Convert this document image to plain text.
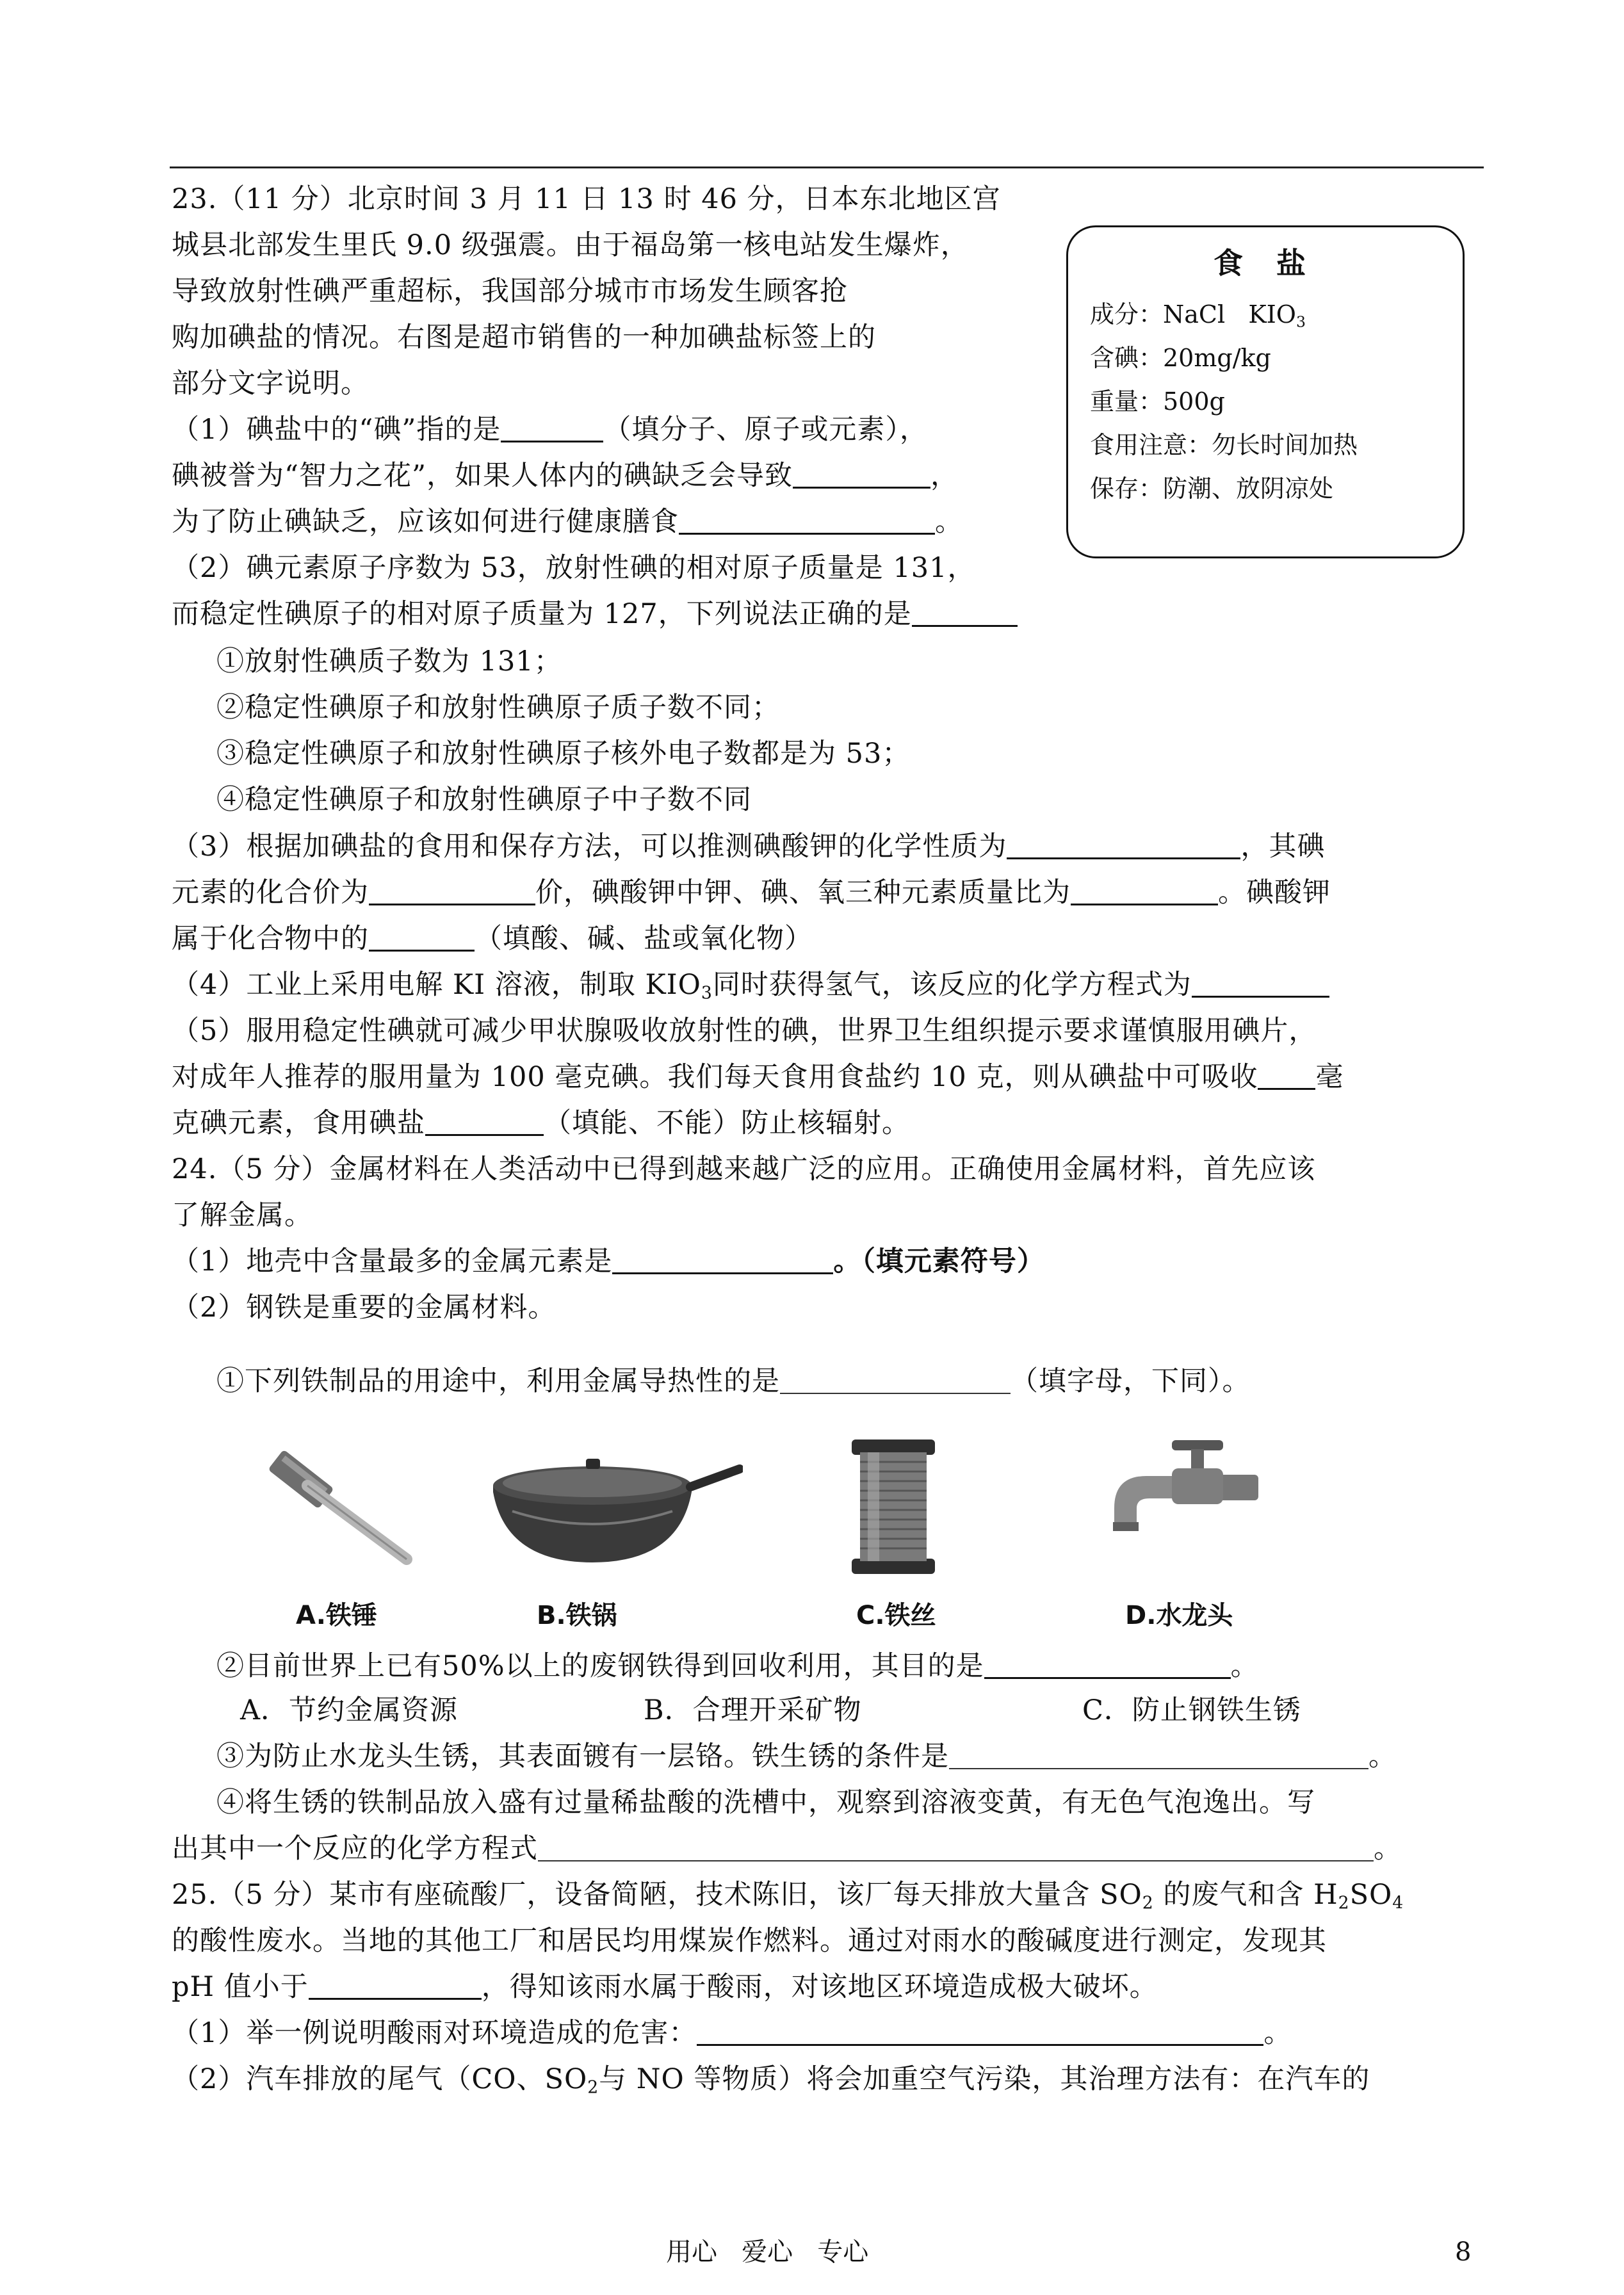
食 盐
成分：NaCl   $KIO_3$
含碘：20mg/kg
重量：500g
食用注意：勿长时间加热
保存：防潮、放阴凉处
23.（11 分）北京时间 3 月 11 日 13 时 46 分，日本东北地区宫
城县北部发生里氏 9.0 级强震。由于福岛第一核电站发生爆炸，
导致放射性碘严重超标，我国部分城市市场发生顾客抢
购加碘盐的情况。右图是超市销售的一种加碘盐标签上的
部分文字说明。
（1）碘盐中的“碘”指的是	（填分子、原子或元素），
碘被誉为“智力之花”，如果人体内的碘缺乏会导致	，
为了防止碘缺乏，应该如何进行健康膳食	。
（2）碘元素原子序数为 53，放射性碘的相对原子质量是 131，
而稳定性碘原子的相对原子质量为 127，下列说法正确的是
①放射性碘质子数为 131；
②稳定性碘原子和放射性碘原子质子数不同；
③稳定性碘原子和放射性碘原子核外电子数都是为 53；
④稳定性碘原子和放射性碘原子中子数不同
（3）根据加碘盐的食用和保存方法，可以推测碘酸钾的化学性质为	，其碘
元素的化合价为	价，碘酸钾中钾、碘、氧三种元素质量比为	。碘酸钾
属于化合物中的	（填酸、碱、盐或氧化物）
（4）工业上采用电解 KI 溶液，制取 $KIO_3$同时获得氢气，该反应的化学方程式为
（5）服用稳定性碘就可减少甲状腺吸收放射性的碘，世界卫生组织提示要求谨慎服用碘片，
对成年人推荐的服用量为 100 毫克碘。我们每天食用食盐约 10 克，则从碘盐中可吸收 毫
克碘元素，食用碘盐	（填能、不能）防止核辐射。
24.（5 分）金属材料在人类活动中已得到越来越广泛的应用。正确使用金属材料，首先应该
了解金属。
（1）地壳中含量最多的金属元素是	。（填元素符号）
（2）钢铁是重要的金属材料。
①下列铁制品的用途中，利用金属导热性的是	（填字母，下同）。
A.铁锤	B.铁锅	C.铁丝	D.水龙头
②目前世界上已有50%以上的废钢铁得到回收利用，其目的是	。
A．节约金属资源	B．合理开采矿物	C．防止钢铁生锈
③为防止水龙头生锈，其表面镀有一层铬。铁生锈的条件是	。
④将生锈的铁制品放入盛有过量稀盐酸的洗槽中，观察到溶液变黄，有无色气泡逸出。写
出其中一个反应的化学方程式	。
25.（5 分）某市有座硫酸厂，设备简陋，技术陈旧，该厂每天排放大量含 $SO_2$ 的废气和含 $H_2SO_4$
的酸性废水。当地的其他工厂和居民均用煤炭作燃料。通过对雨水的酸碱度进行测定，发现其
pH 值小于	，得知该雨水属于酸雨，对该地区环境造成极大破坏。
（1）举一例说明酸雨对环境造成的危害：	。
（2）汽车排放的尾气（CO、$SO_2$与 NO 等物质）将会加重空气污染，其治理方法有：在汽车的
用心   爱心   专心	8
